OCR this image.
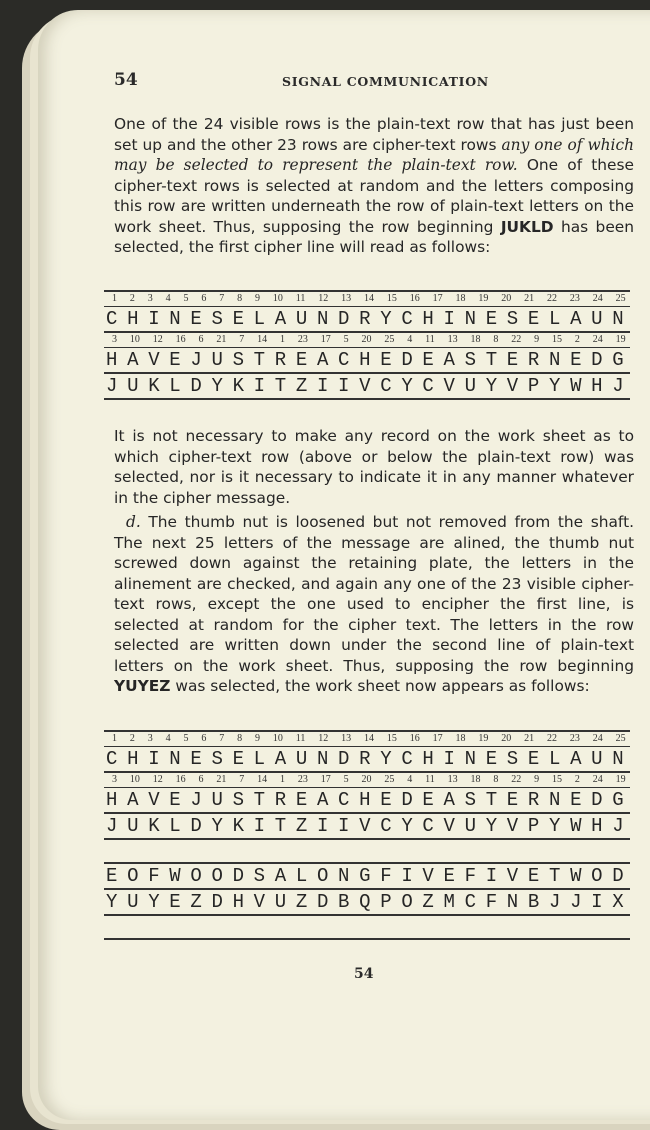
54	SIGNAL COMMUNICATION
One of the 24 visible rows is the plain-text row that has just been set up and the other 23 rows are cipher-text rows any one of which may be selected to represent the plain-text row. One of these cipher-text rows is selected at random and the letters composing this row are written underneath the row of plain-text letters on the work sheet. Thus, supposing the row beginning JUKLD has been selected, the first cipher line will read as follows:
1 2 3 4 5 6 7 8 9 10 11 12 13 14 15 16 17 18 19 20 21 22 23 24 25
C H I N E S E L A U N D R Y C H I N E S E L A U N
3 10 12 16 6 21 7 14 1 23 17 5 20 25 4 11 13 18 8 22 9 15 2 24 19
H A V E J U S T R E A C H E D E A S T E R N E D G
J U K L D Y K I T Z I I V C Y C V U Y V P Y W H J
It is not necessary to make any record on the work sheet as to which cipher-text row (above or below the plain-text row) was selected, nor is it necessary to indicate it in any manner whatever in the cipher message.
d. The thumb nut is loosened but not removed from the shaft. The next 25 letters of the message are alined, the thumb nut screwed down against the retaining plate, the letters in the alinement are checked, and again any one of the 23 visible cipher-text rows, except the one used to encipher the first line, is selected at random for the cipher text. The letters in the row selected are written down under the second line of plain-text letters on the work sheet. Thus, supposing the row beginning YUYEZ was selected, the work sheet now appears as follows:
1 2 3 4 5 6 7 8 9 10 11 12 13 14 15 16 17 18 19 20 21 22 23 24 25
C H I N E S E L A U N D R Y C H I N E S E L A U N
3 10 12 16 6 21 7 14 1 23 17 5 20 25 4 11 13 18 8 22 9 15 2 24 19
H A V E J U S T R E A C H E D E A S T E R N E D G
J U K L D Y K I T Z I I V C Y C V U Y V P Y W H J
E O F W O O D S A L O N G F I V E F I V E T W O D
Y U Y E Z D H V U Z D B Q P O Z M C F N B J J I X
54
